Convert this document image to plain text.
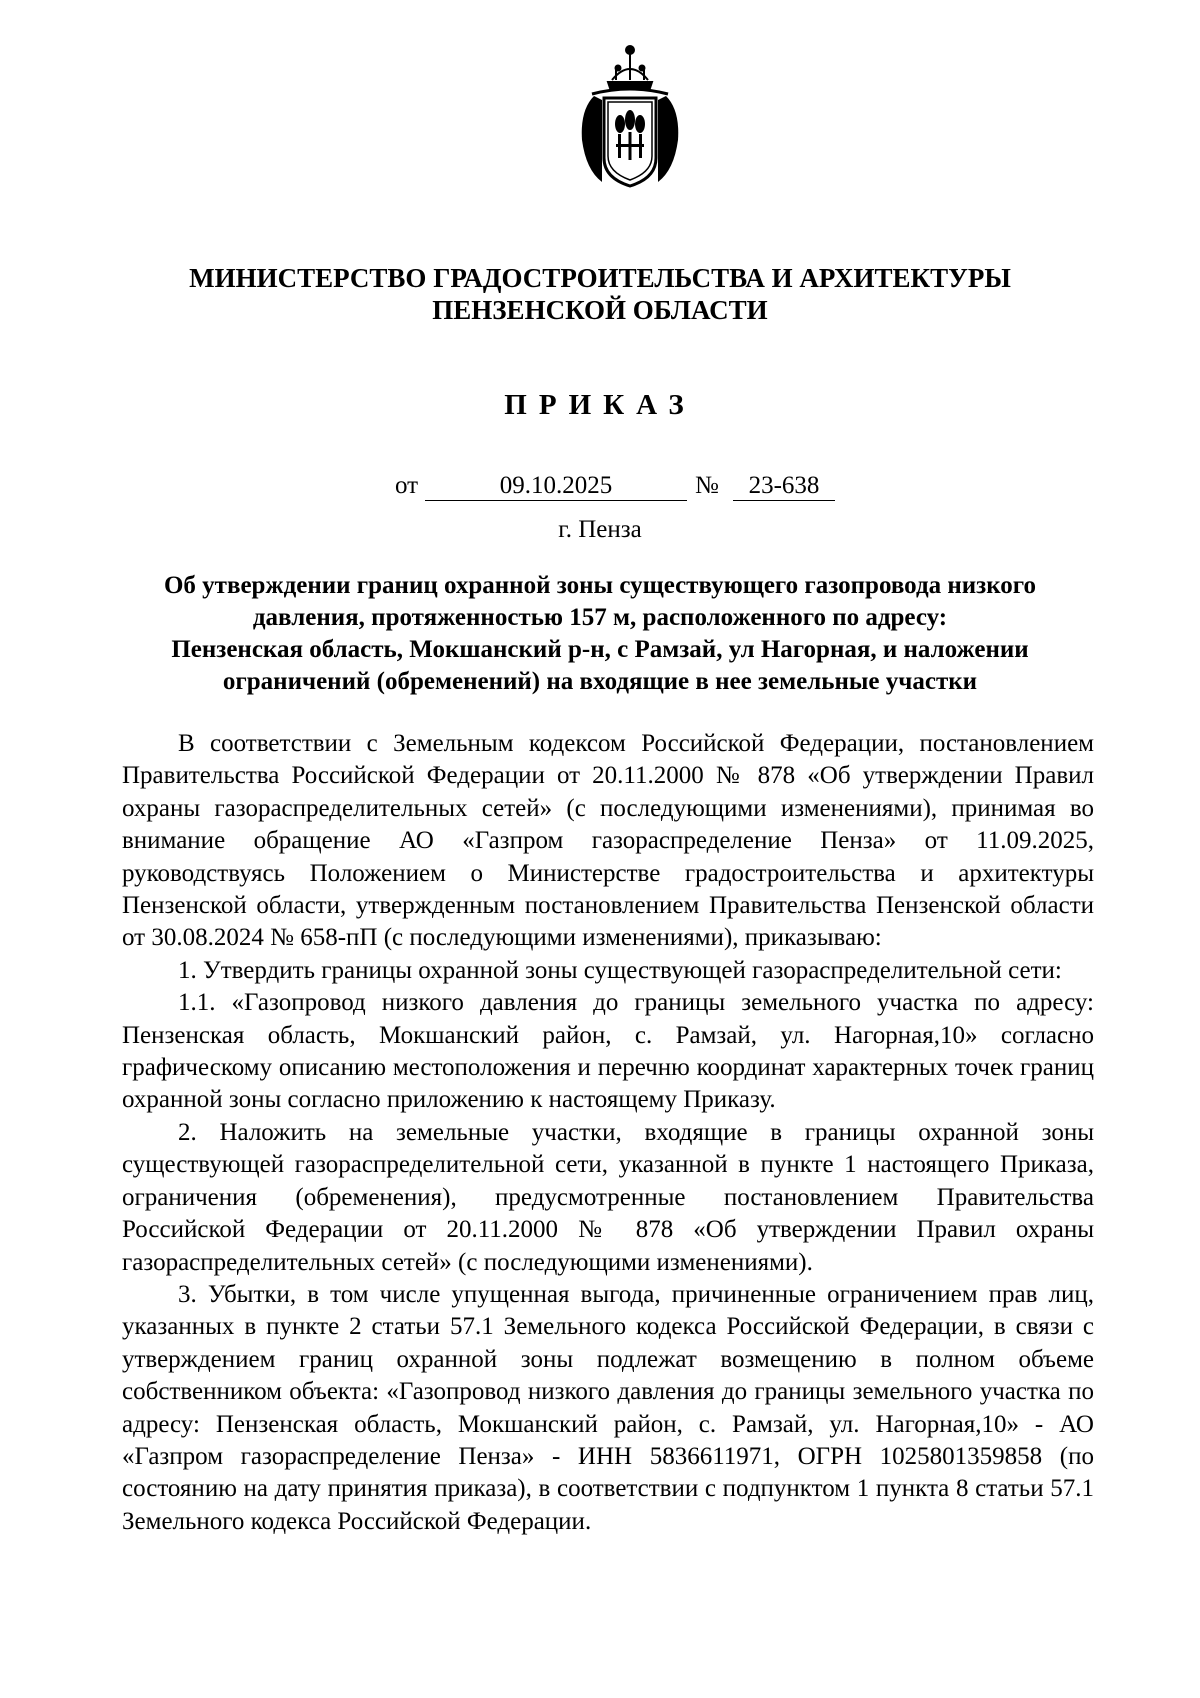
МИНИСТЕРСТВО ГРАДОСТРОИТЕЛЬСТВА И АРХИТЕКТУРЫ
ПЕНЗЕНСКОЙ ОБЛАСТИ
ПРИКАЗ
от	09.10.2025	№	23-638
г. Пенза
Об утверждении границ охранной зоны существующего газопровода низкого
давления, протяженностью 157 м, расположенного по адресу:
Пензенская область, Мокшанский р-н, с Рамзай, ул Нагорная, и наложении
ограничений (обременений) на входящие в нее земельные участки

В соответствии с Земельным кодексом Российской Федерации, постановлением Правительства Российской Федерации от 20.11.2000 № 878 «Об утверждении Правил охраны газораспределительных сетей» (с последующими изменениями), принимая во внимание обращение АО «Газпром газораспределение Пенза» от 11.09.2025, руководствуясь Положением о Министерстве градостроительства и архитектуры Пензенской области, утвержденным постановлением Правительства Пензенской области от 30.08.2024 № 658-пП (с последующими изменениями), приказываю:

1. Утвердить границы охранной зоны существующей газораспределительной сети:

1.1. «Газопровод низкого давления до границы земельного участка по адресу: Пензенская область, Мокшанский район, с. Рамзай, ул. Нагорная,10» согласно графическому описанию местоположения и перечню координат характерных точек границ охранной зоны согласно приложению к настоящему Приказу.

2. Наложить на земельные участки, входящие в границы охранной зоны существующей газораспределительной сети, указанной в пункте 1 настоящего Приказа, ограничения (обременения), предусмотренные постановлением Правительства Российской Федерации от 20.11.2000 № 878 «Об утверждении Правил охраны газораспределительных сетей» (с последующими изменениями).

3. Убытки, в том числе упущенная выгода, причиненные ограничением прав лиц, указанных в пункте 2 статьи 57.1 Земельного кодекса Российской Федерации, в связи с утверждением границ охранной зоны подлежат возмещению в полном объеме собственником объекта: «Газопровод низкого давления до границы земельного участка по адресу: Пензенская область, Мокшанский район, с. Рамзай, ул. Нагорная,10» - АО «Газпром газораспределение Пенза» - ИНН 5836611971, ОГРН 1025801359858 (по состоянию на дату принятия приказа), в соответствии с подпунктом 1 пункта 8 статьи 57.1 Земельного кодекса Российской Федерации.
